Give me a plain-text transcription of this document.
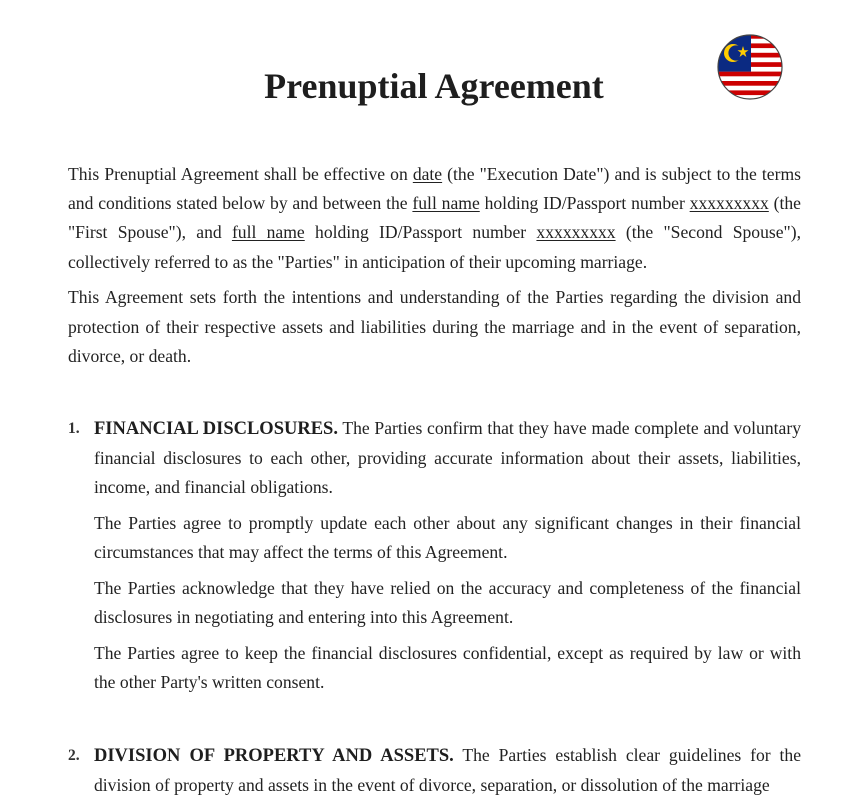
Prenuptial Agreement

This Prenuptial Agreement shall be effective on date (the "Execution Date") and is subject to the terms and conditions stated below by and between the full name holding ID/Passport number xxxxxxxxx (the "First Spouse"), and full name holding ID/Passport number xxxxxxxxx (the "Second Spouse"), collectively referred to as the "Parties" in anticipation of their upcoming marriage.

This Agreement sets forth the intentions and understanding of the Parties regarding the division and protection of their respective assets and liabilities during the marriage and in the event of separation, divorce, or death.

1. FINANCIAL DISCLOSURES. The Parties confirm that they have made complete and voluntary financial disclosures to each other, providing accurate information about their assets, liabilities, income, and financial obligations.

The Parties agree to promptly update each other about any significant changes in their financial circumstances that may affect the terms of this Agreement.

The Parties acknowledge that they have relied on the accuracy and completeness of the financial disclosures in negotiating and entering into this Agreement.

The Parties agree to keep the financial disclosures confidential, except as required by law or with the other Party's written consent.

2. DIVISION OF PROPERTY AND ASSETS. The Parties establish clear guidelines for the division of property and assets in the event of divorce, separation, or dissolution of the marriage
